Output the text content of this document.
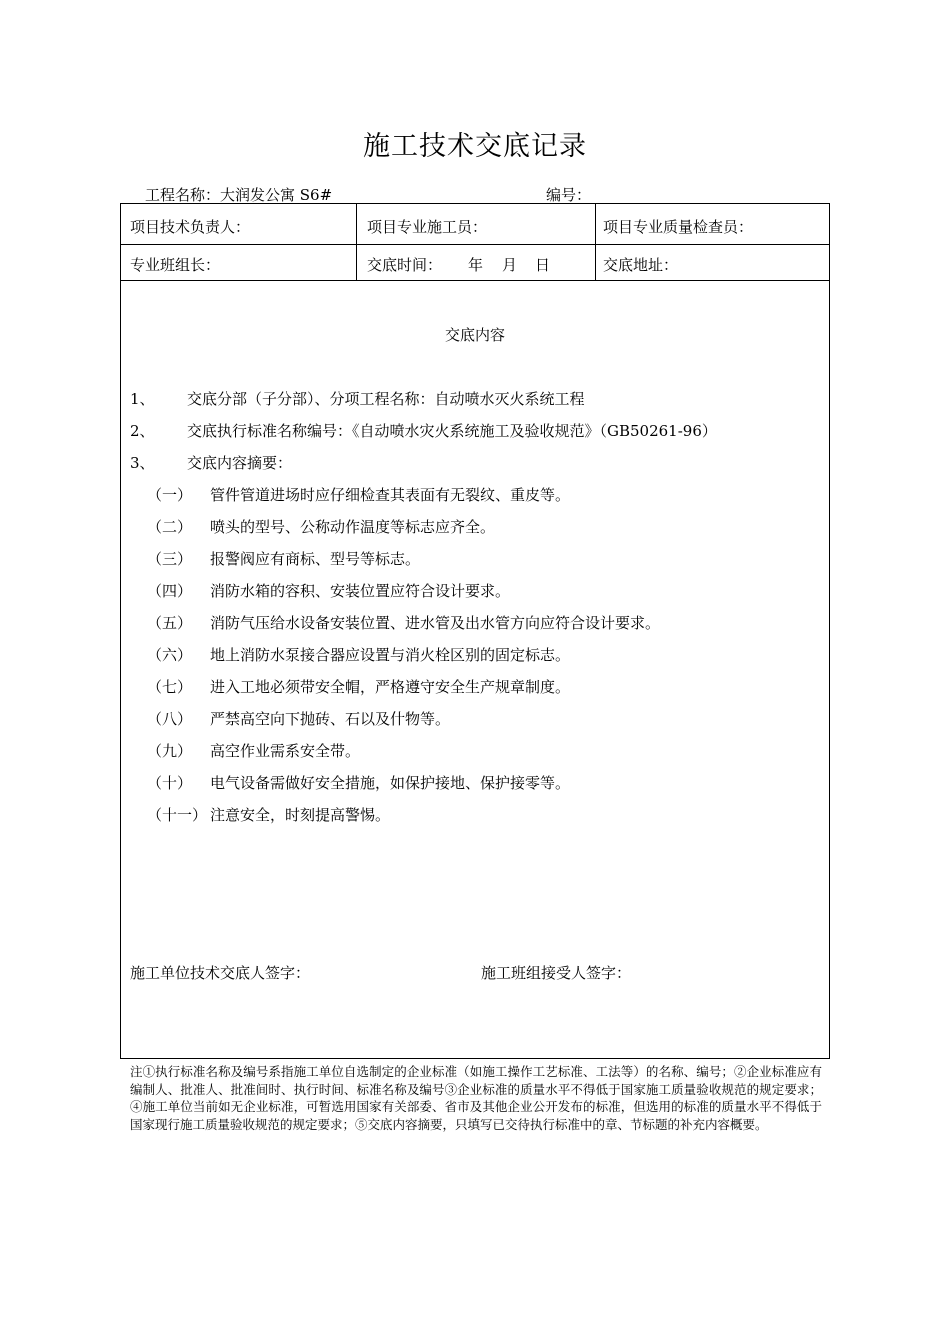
施工技术交底记录
工程名称：大润发公寓 S6#	编号：
项目技术负责人：	项目专业施工员：	项目专业质量检查员：
专业班组长：	交底时间： 年 月 日	交底地址：
交底内容
1、 交底分部（子分部）、分项工程名称：自动喷水灭火系统工程
2、 交底执行标准名称编号：《自动喷水灾火系统施工及验收规范》（GB50261-96）
3、 交底内容摘要：
（一） 管件管道进场时应仔细检查其表面有无裂纹、重皮等。
（二） 喷头的型号、公称动作温度等标志应齐全。
（三） 报警阀应有商标、型号等标志。
（四） 消防水箱的容积、安装位置应符合设计要求。
（五） 消防气压给水设备安装位置、进水管及出水管方向应符合设计要求。
（六） 地上消防水泵接合器应设置与消火栓区别的固定标志。
（七） 进入工地必须带安全帽，严格遵守安全生产规章制度。
（八） 严禁高空向下抛砖、石以及什物等。
（九） 高空作业需系安全带。
（十） 电气设备需做好安全措施，如保护接地、保护接零等。
（十一） 注意安全，时刻提高警惕。
施工单位技术交底人签字：	施工班组接受人签字：
注①执行标准名称及编号系指施工单位自选制定的企业标准（如施工操作工艺标准、工法等）的名称、编号；②企业标准应有编制人、批准人、批准间时、执行时间、标准名称及编号③企业标准的质量水平不得低于国家施工质量验收规范的规定要求；④施工单位当前如无企业标准，可暂选用国家有关部委、省市及其他企业公开发布的标准，但选用的标准的质量水平不得低于国家现行施工质量验收规范的规定要求；⑤交底内容摘要，只填写已交待执行标准中的章、节标题的补充内容概要。
